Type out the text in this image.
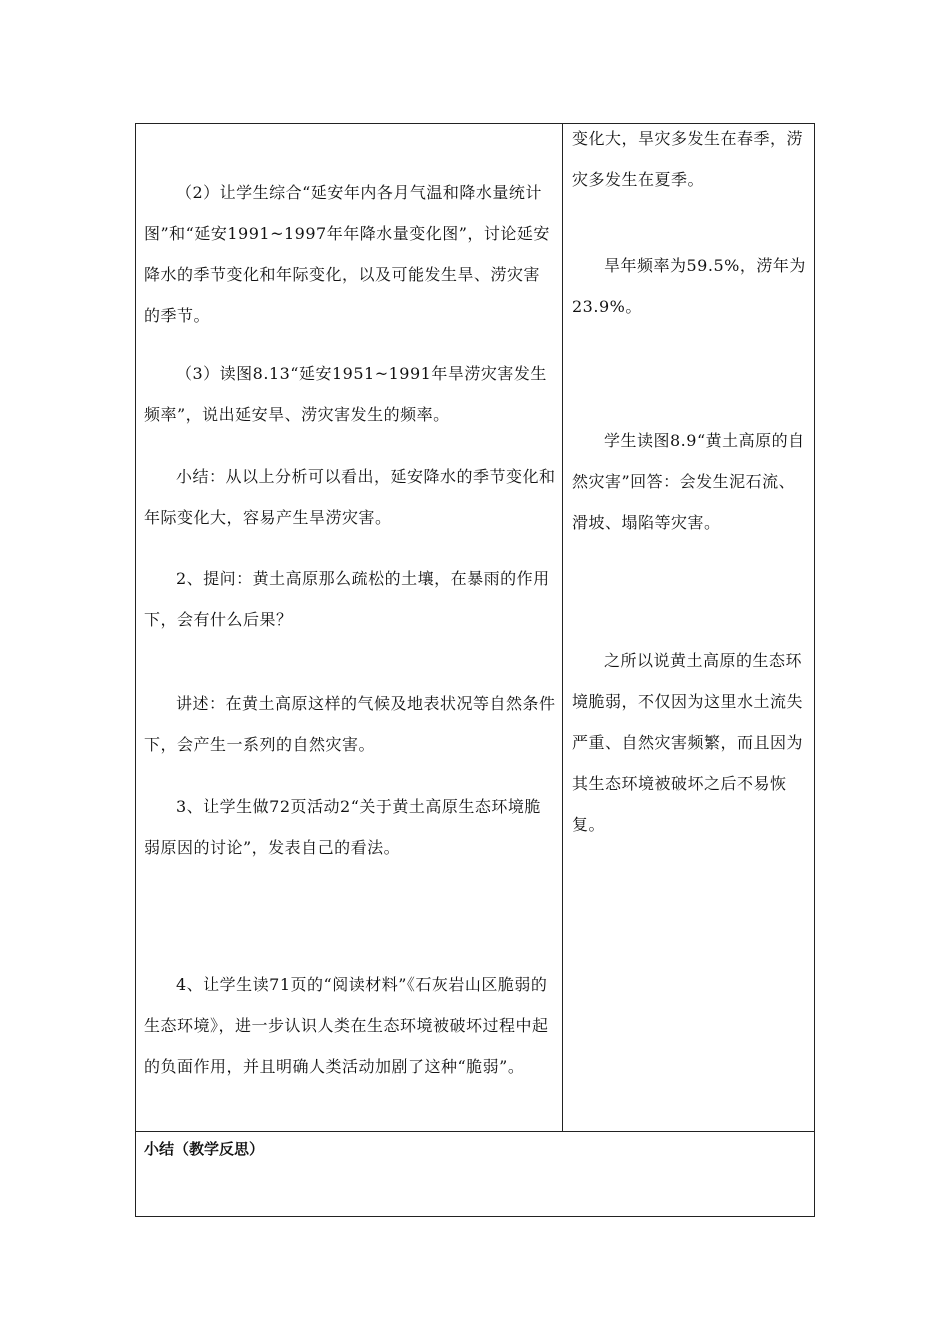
（2）让学生综合“延安年内各月气温和降水量统计图”和“延安1991~1997年年降水量变化图”，讨论延安降水的季节变化和年际变化，以及可能发生旱、涝灾害的季节。

（3）读图8.13“延安1951~1991年旱涝灾害发生频率”，说出延安旱、涝灾害发生的频率。

小结：从以上分析可以看出，延安降水的季节变化和年际变化大，容易产生旱涝灾害。

2、提问：黄土高原那么疏松的土壤，在暴雨的作用下，会有什么后果？

讲述：在黄土高原这样的气候及地表状况等自然条件下，会产生一系列的自然灾害。

3、让学生做72页活动2“关于黄土高原生态环境脆弱原因的讨论”，发表自己的看法。

4、让学生读71页的“阅读材料”《石灰岩山区脆弱的生态环境》，进一步认识人类在生态环境被破坏过程中起的负面作用，并且明确人类活动加剧了这种“脆弱”。

变化大，旱灾多发生在春季，涝灾多发生在夏季。

旱年频率为59.5%，涝年为23.9%。

学生读图8.9“黄土高原的自然灾害”回答：会发生泥石流、滑坡、塌陷等灾害。

之所以说黄土高原的生态环境脆弱，不仅因为这里水土流失严重、自然灾害频繁，而且因为其生态环境被破坏之后不易恢复。

小结（教学反思）
